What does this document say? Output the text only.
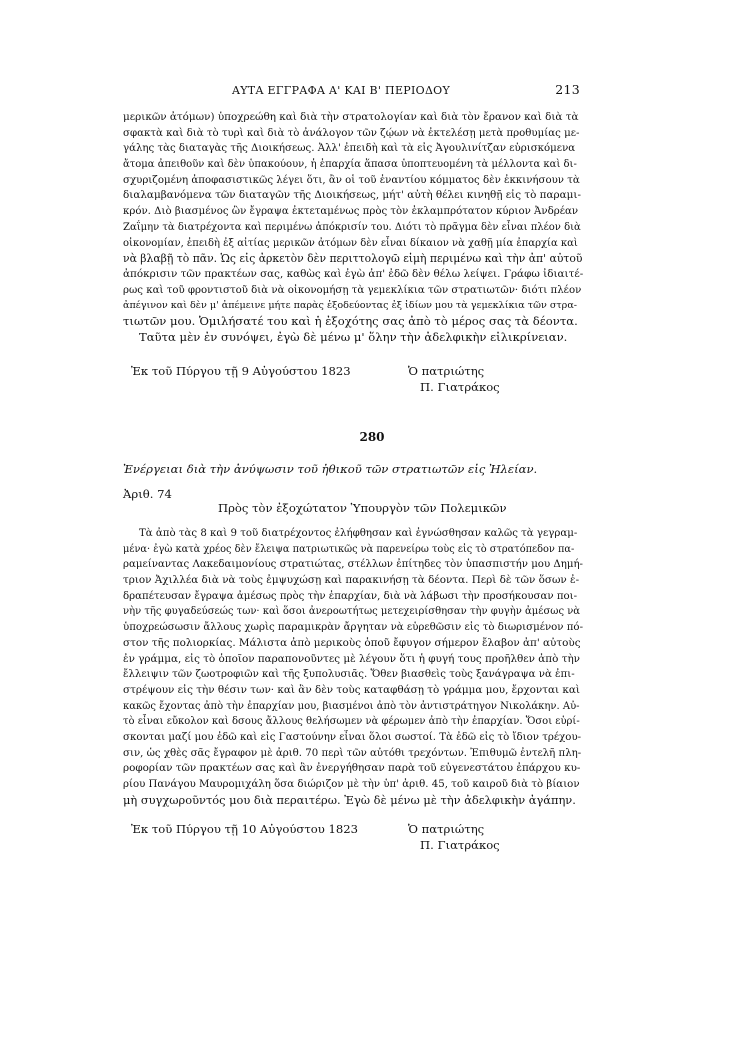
ΑΥΤΑ ΕΓΓΡΑΦΑ Α' ΚΑΙ Β' ΠΕΡΙΟΔΟΥ	213
μερικῶν ἀτόμων) ὑποχρεώθη καὶ διὰ τὴν στρατολογίαν καὶ διὰ τὸν ἔρανον καὶ διὰ τὰ
σφακτὰ καὶ διὰ τὸ τυρὶ καὶ διὰ τὸ ἀνάλογον τῶν ζῴων νὰ ἐκτελέσῃ μετὰ προθυμίας με-
γάλης τὰς διαταγὰς τῆς Διοικήσεως. Ἀλλ' ἐπειδὴ καὶ τὰ εἰς Ἀγουλινίτζαν εὑρισκόμενα
ἄτομα ἀπειθοῦν καὶ δὲν ὑπακούουν, ἡ ἐπαρχία ἅπασα ὑποπτευομένη τὰ μέλλοντα καὶ δι-
σχυριζομένη ἀποφασιστικῶς λέγει ὅτι, ἂν οἱ τοῦ ἐναντίου κόμματος δὲν ἐκκινήσουν τὰ
διαλαμβανόμενα τῶν διαταγῶν τῆς Διοικήσεως, μήτ' αὐτὴ θέλει κινηθῇ εἰς τὸ παραμι-
κρόν. Διὸ βιασμένος ὢν ἔγραψα ἐκτεταμένως πρὸς τὸν ἐκλαμπρότατον κύριον Ἀνδρέαν
Ζαΐμην τὰ διατρέχοντα καὶ περιμένω ἀπόκρισίν του. Διότι τὸ πρᾶγμα δὲν εἶναι πλέον διὰ
οἰκονομίαν, ἐπειδὴ ἐξ αἰτίας μερικῶν ἀτόμων δὲν εἶναι δίκαιον νὰ χαθῇ μία ἐπαρχία καὶ
νὰ βλαβῇ τὸ πᾶν. Ὡς εἰς ἀρκετὸν δὲν περιττολογῶ εἰμὴ περιμένω καὶ τὴν ἀπ' αὐτοῦ
ἀπόκρισιν τῶν πρακτέων σας, καθὼς καὶ ἐγὼ ἀπ' ἐδῶ δὲν θέλω λείψει. Γράφω ἰδιαιτέ-
ρως καὶ τοῦ φροντιστοῦ διὰ νὰ οἰκονομήσῃ τὰ γεμεκλίκια τῶν στρατιωτῶν· διότι πλέον
ἀπέγινον καὶ δὲν μ' ἀπέμεινε μήτε παρὰς ἐξοδεύοντας ἐξ ἰδίων μου τὰ γεμεκλίκια τῶν στρα-
τιωτῶν μου. Ὁμιλήσατέ του καὶ ἡ ἐξοχότης σας ἀπὸ τὸ μέρος σας τὰ δέοντα.
Ταῦτα μὲν ἐν συνόψει, ἐγὼ δὲ μένω μ' ὅλην τὴν ἀδελφικὴν εἰλικρίνειαν.
Ἐκ τοῦ Πύργου τῇ 9 Αὐγούστου 1823	Ὁ πατριώτης
Π. Γιατράκος
280
Ἐνέργειαι διὰ τὴν ἀνύψωσιν τοῦ ἠθικοῦ τῶν στρατιωτῶν εἰς Ἠλείαν.
Ἀριθ. 74
Πρὸς τὸν ἐξοχώτατον Ὑπουργὸν τῶν Πολεμικῶν
Τὰ ἀπὸ τὰς 8 καὶ 9 τοῦ διατρέχοντος ἐλήφθησαν καὶ ἐγνώσθησαν καλῶς τὰ γεγραμ-
μένα· ἐγὼ κατὰ χρέος δὲν ἔλειψα πατριωτικῶς νὰ παρενείρω τοὺς εἰς τὸ στρατόπεδον πα-
ραμείναντας Λακεδαιμονίους στρατιώτας, στέλλων ἐπίτηδες τὸν ὑπασπιστήν μου Δημή-
τριον Ἀχιλλέα διὰ νὰ τοὺς ἐμψυχώσῃ καὶ παρακινήσῃ τὰ δέοντα. Περὶ δὲ τῶν ὅσων ἐ-
δραπέτευσαν ἔγραψα ἀμέσως πρὸς τὴν ἐπαρχίαν, διὰ νὰ λάβωσι τὴν προσήκουσαν ποι-
νὴν τῆς φυγαδεύσεώς των· καὶ ὅσοι ἀνεροωτήτως μετεχειρίσθησαν τὴν φυγὴν ἀμέσως νὰ
ὑποχρεώσωσιν ἄλλους χωρὶς παραμικρὰν ἄργηταν νὰ εὑρεθῶσιν εἰς τὸ διωρισμένον πό-
στον τῆς πολιορκίας. Μάλιστα ἀπὸ μερικοὺς ὁποῦ ἔφυγον σήμερον ἔλαβον ἀπ' αὐτοὺς
ἐν γράμμα, εἰς τὸ ὁποῖον παραπονοῦντες μὲ λέγουν ὅτι ἡ φυγή τους προῆλθεν ἀπὸ τὴν
ἔλλειψιν τῶν ζωοτροφιῶν καὶ τῆς ξυπολυσιᾶς. Ὅθεν βιασθεὶς τοὺς ξανάγραψα νὰ ἐπι-
στρέψουν εἰς τὴν θέσιν των· καὶ ἂν δὲν τοὺς καταφθάσῃ τὸ γράμμα μου, ἔρχονται καὶ
κακῶς ἔχοντας ἀπὸ τὴν ἐπαρχίαν μου, βιασμένοι ἀπὸ τὸν ἀντιστράτηγον Νικολάκην. Αὐ-
τὸ εἶναι εὔκολον καὶ δσους ἄλλους θελήσωμεν νὰ φέρωμεν ἀπὸ τὴν ἐπαρχίαν. Ὅσοι εὑρί-
σκονται μαζί μου ἐδῶ καὶ εἰς Γαστούνην εἶναι ὅλοι σωστοί. Τὰ ἐδῶ εἰς τὸ ἴδιον τρέχου-
σιν, ὡς χθὲς σᾶς ἔγραφον μὲ ἀριθ. 70 περὶ τῶν αὐτόθι τρεχόντων. Ἐπιθυμῶ ἐντελῆ πλη-
ροφορίαν τῶν πρακτέων σας καὶ ἂν ἐνεργήθησαν παρὰ τοῦ εὐγενεστάτου ἐπάρχου κυ-
ρίου Πανάγου Μαυρομιχάλη ὅσα διώριζον μὲ τὴν ὑπ' ἀριθ. 45, τοῦ καιροῦ διὰ τὸ βίαιον
μὴ συγχωροῦντός μου διὰ περαιτέρω. Ἐγὼ δὲ μένω μὲ τὴν ἀδελφικὴν ἀγάπην.
Ἐκ τοῦ Πύργου τῇ 10 Αὐγούστου 1823	Ὁ πατριώτης
Π. Γιατράκος
